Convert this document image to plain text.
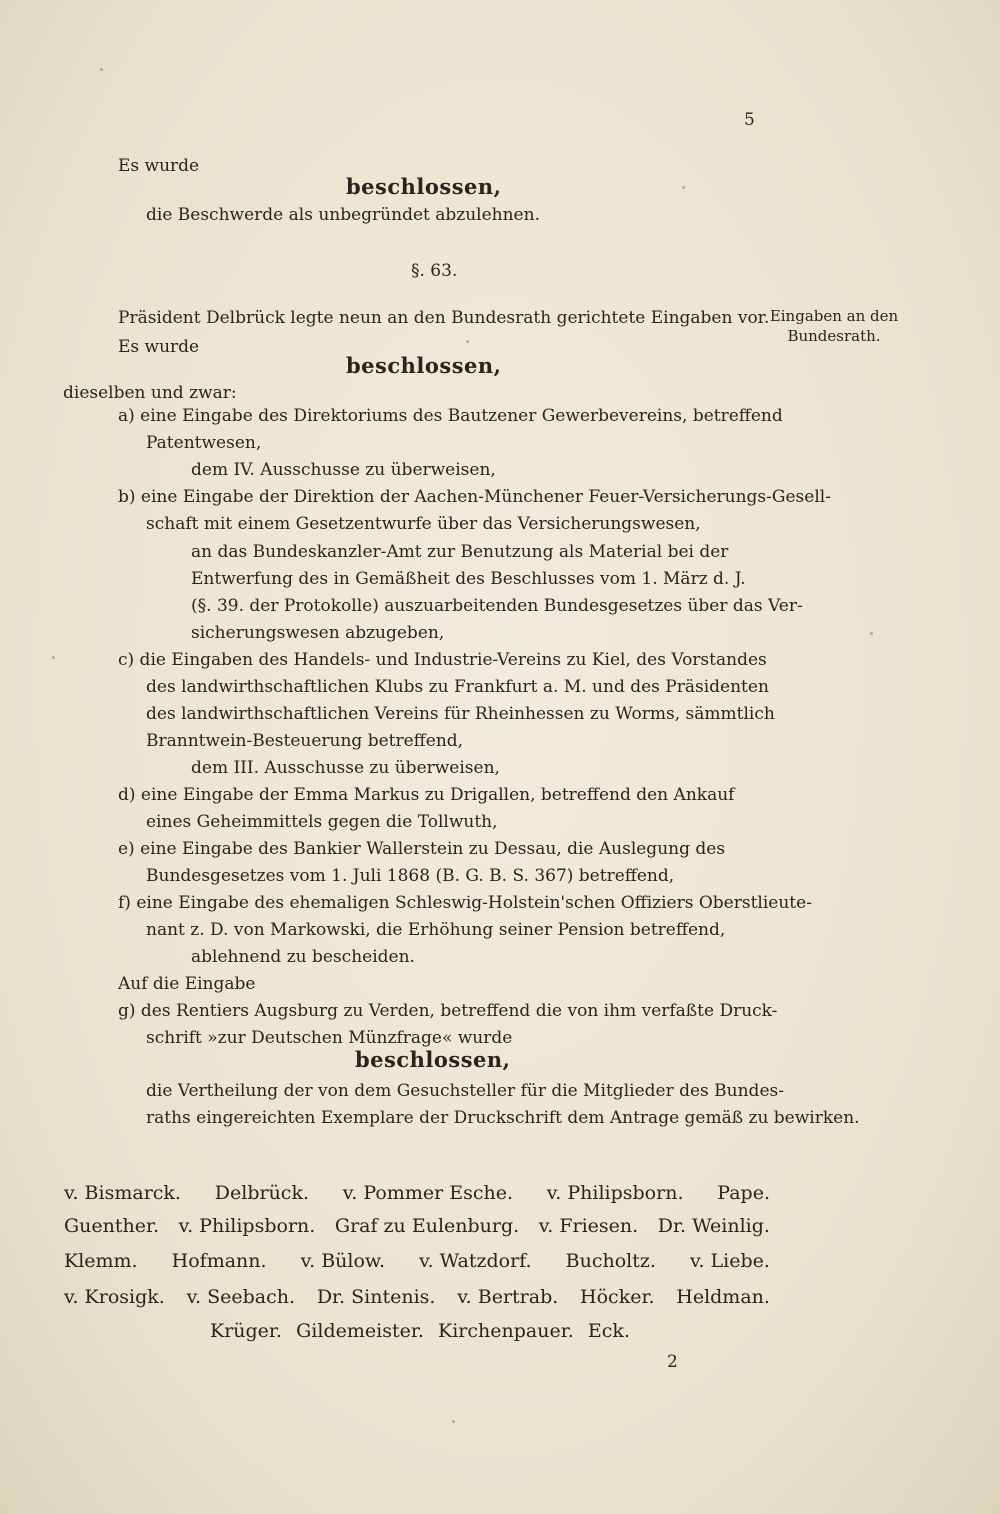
5
Eingaben an den
Bundesrath.
Es wurde
beschlossen,
die Beschwerde als unbegründet abzulehnen.
§. 63.
Präsident Delbrück legte neun an den Bundesrath gerichtete Eingaben vor.
Es wurde
beschlossen,
dieselben und zwar:
a) eine Eingabe des Direktoriums des Bautzener Gewerbevereins, betreffend
Patentwesen,
dem IV. Ausschusse zu überweisen,
b) eine Eingabe der Direktion der Aachen-Münchener Feuer-Versicherungs-Gesell-
schaft mit einem Gesetzentwurfe über das Versicherungswesen,
an das Bundeskanzler-Amt zur Benutzung als Material bei der
Entwerfung des in Gemäßheit des Beschlusses vom 1. März d. J.
(§. 39. der Protokolle) auszuarbeitenden Bundesgesetzes über das Ver-
sicherungswesen abzugeben,
c) die Eingaben des Handels- und Industrie-Vereins zu Kiel, des Vorstandes
des landwirthschaftlichen Klubs zu Frankfurt a. M. und des Präsidenten
des landwirthschaftlichen Vereins für Rheinhessen zu Worms, sämmtlich
Branntwein-Besteuerung betreffend,
dem III. Ausschusse zu überweisen,
d) eine Eingabe der Emma Markus zu Drigallen, betreffend den Ankauf
eines Geheimmittels gegen die Tollwuth,
e) eine Eingabe des Bankier Wallerstein zu Dessau, die Auslegung des
Bundesgesetzes vom 1. Juli 1868 (B. G. B. S. 367) betreffend,
f) eine Eingabe des ehemaligen Schleswig-Holstein'schen Offiziers Oberstlieute-
nant z. D. von Markowski, die Erhöhung seiner Pension betreffend,
ablehnend zu bescheiden.
Auf die Eingabe
g) des Rentiers Augsburg zu Verden, betreffend die von ihm verfaßte Druck-
schrift »zur Deutschen Münzfrage« wurde
beschlossen,
die Vertheilung der von dem Gesuchsteller für die Mitglieder des Bundes-
raths eingereichten Exemplare der Druckschrift dem Antrage gemäß zu bewirken.
v. Bismarck. Delbrück. v. Pommer Esche. v. Philipsborn. Pape.
Guenther. v. Philipsborn. Graf zu Eulenburg. v. Friesen. Dr. Weinlig.
Klemm. Hofmann. v. Bülow. v. Watzdorf. Bucholtz. v. Liebe.
v. Krosigk. v. Seebach. Dr. Sintenis. v. Bertrab. Höcker. Heldman.
Krüger. Gildemeister. Kirchenpauer. Eck.
2
